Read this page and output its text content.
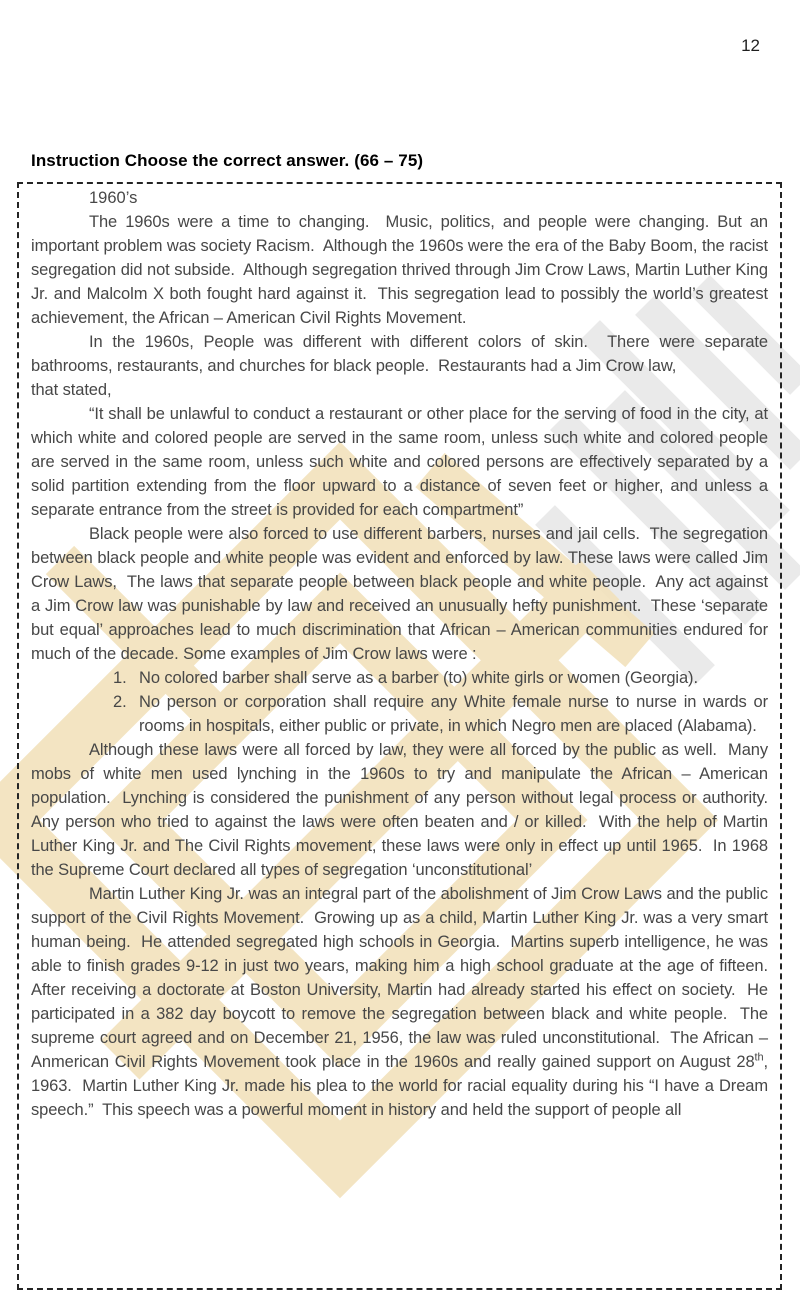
12
Instruction Choose the correct answer. (66 – 75)
1960’s

The 1960s were a time to changing.  Music, politics, and people were changing. But an important problem was society Racism.  Although the 1960s were the era of the Baby Boom, the racist segregation did not subside.  Although segregation thrived through Jim Crow Laws, Martin Luther King Jr. and Malcolm X both fought hard against it.  This segregation lead to possibly the world’s greatest achievement, the African – American Civil Rights Movement.

In the 1960s, People was different with different colors of skin.  There were separate bathrooms, restaurants, and churches for black people.  Restaurants had a Jim Crow law,

that stated,

“It shall be unlawful to conduct a restaurant or other place for the serving of food in the city, at which white and colored people are served in the same room, unless such white and colored people are served in the same room, unless such white and colored persons are effectively separated by a solid partition extending from the floor upward to a distance of seven feet or higher, and unless a separate entrance from the street is provided for each compartment”

Black people were also forced to use different barbers, nurses and jail cells.  The segregation between black people and white people was evident and enforced by law. These laws were called Jim Crow Laws,  The laws that separate people between black people and white people.  Any act against a Jim Crow law was punishable by law and received an unusually hefty punishment.  These ‘separate but equal’ approaches lead to much discrimination that African – American communities endured for much of the decade. Some examples of Jim Crow laws were :

1. No colored barber shall serve as a barber (to) white girls or women (Georgia).
2. No person or corporation shall require any White female nurse to nurse in wards or rooms in hospitals, either public or private, in which Negro men are placed (Alabama).

Although these laws were all forced by law, they were all forced by the public as well.  Many mobs of white men used lynching in the 1960s to try and manipulate the African – American population.  Lynching is considered the punishment of any person without legal process or authority.  Any person who tried to against the laws were often beaten and / or killed.  With the help of Martin Luther King Jr. and The Civil Rights movement, these laws were only in effect up until 1965.  In 1968 the Supreme Court declared all types of segregation ‘unconstitutional’

Martin Luther King Jr. was an integral part of the abolishment of Jim Crow Laws and the public support of the Civil Rights Movement.  Growing up as a child, Martin Luther King Jr. was a very smart human being.  He attended segregated high schools in Georgia.  Martins superb intelligence, he was able to finish grades 9-12 in just two years, making him a high school graduate at the age of fifteen.  After receiving a doctorate at Boston University, Martin had already started his effect on society.  He participated in a 382 day boycott to remove the segregation between black and white people.  The supreme court agreed and on December 21, 1956, the law was ruled unconstitutional.  The African – Anmerican Civil Rights Movement took place in the 1960s and really gained support on August 28th, 1963.  Martin Luther King Jr. made his plea to the world for racial equality during his “I have a Dream speech.”  This speech was a powerful moment in history and held the support of people all
